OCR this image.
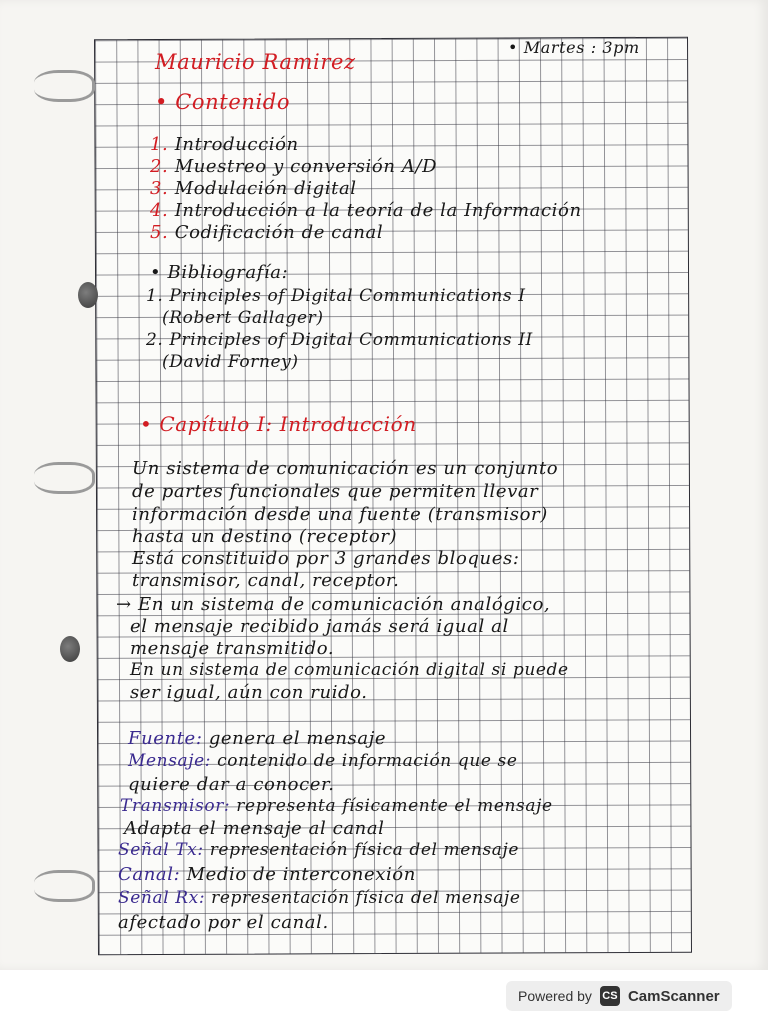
• Martes : 3pm
Mauricio Ramirez
• Contenido
1. Introducción
2. Muestreo y conversión A/D
3. Modulación digital
4. Introducción a la teoría de la Información
5. Codificación de canal
• Bibliografía:
1. Principles of Digital Communications I
(Robert Gallager)
2. Principles of Digital Communications II
(David Forney)
• Capítulo I: Introducción
Un sistema de comunicación es un conjunto
de partes funcionales que permiten llevar
información desde una fuente (transmisor)
hasta un destino (receptor)
Está constituido por 3 grandes bloques:
transmisor, canal, receptor.
→ En un sistema de comunicación analógico,
el mensaje recibido jamás será igual al
mensaje transmitido.
En un sistema de comunicación digital si puede
ser igual, aún con ruido.
Fuente: genera el mensaje
Mensaje: contenido de información que se
quiere dar a conocer.
Transmisor: representa físicamente el mensaje
Adapta el mensaje al canal
Señal Tx: representación física del mensaje
Canal: Medio de interconexión
Señal Rx: representación física del mensaje
afectado por el canal.
Powered by CS CamScanner
